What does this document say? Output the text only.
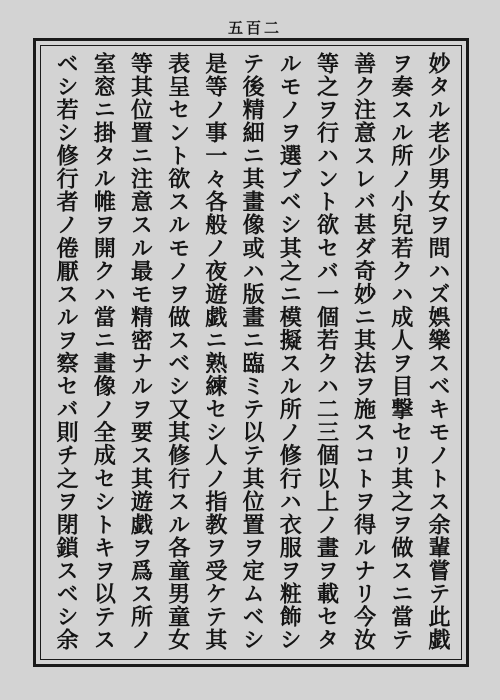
五百二
妙タル老少男女ヲ問ハズ娯樂スベキモノトス余輩嘗テ此戯
ヲ奏スル所ノ小兒若クハ成人ヲ目撃セリ其之ヲ做スニ當テ
善ク注意スレバ甚ダ奇妙ニ其法ヲ施スコトヲ得ルナリ今汝
等之ヲ行ハント欲セバ一個若クハ二三個以上ノ畫ヲ載セタ
ルモノヲ選ブベシ其之ニ模擬スル所ノ修行ハ衣服ヲ粧飾シ
テ後精細ニ其畫像或ハ版畫ニ臨ミテ以テ其位置ヲ定ムベシ
是等ノ事一々各般ノ夜遊戯ニ熟練セシ人ノ指教ヲ受ケテ其
表呈セント欲スルモノヲ做スベシ又其修行スル各童男童女
等其位置ニ注意スル最モ精密ナルヲ要ス其遊戯ヲ爲ス所ノ
室窓ニ掛タル帷ヲ開クハ當ニ畫像ノ全成セシトキヲ以テス
ベシ若シ修行者ノ倦厭スルヲ察セバ則チ之ヲ閉鎖スベシ余
